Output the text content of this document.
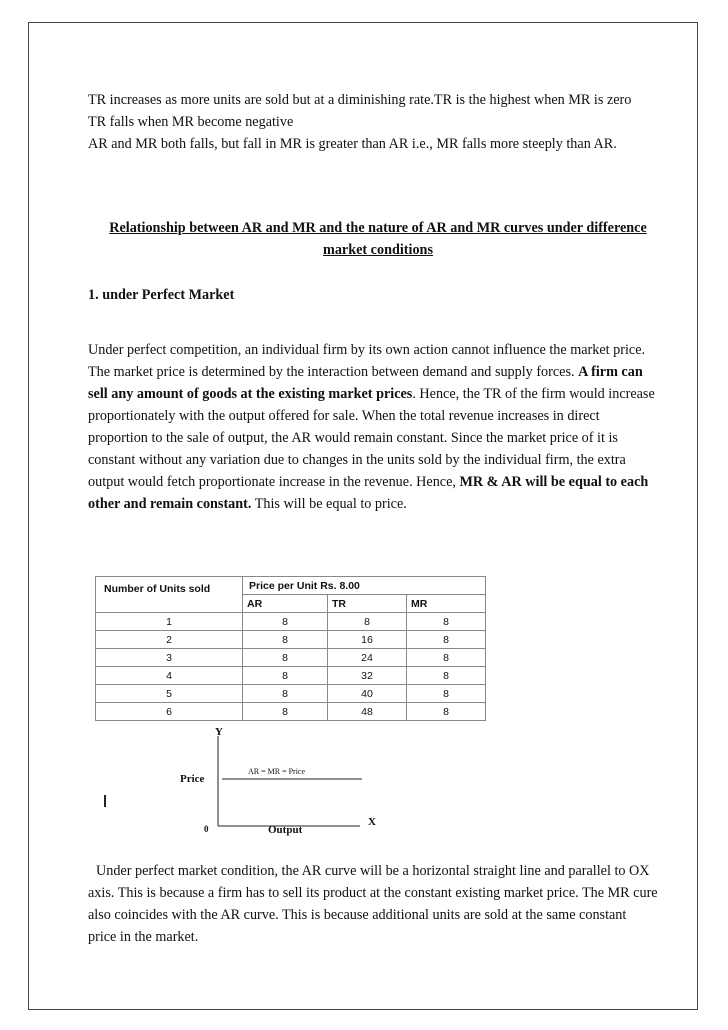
TR increases as more units are sold but at a diminishing rate.TR is the highest when MR is zero

TR falls when MR become negative

AR and MR both falls, but fall in MR is greater than AR i.e., MR falls more steeply than AR.

Relationship between AR and MR and the nature of AR and MR curves under difference market conditions
1. under Perfect Market

Under perfect competition, an individual firm by its own action cannot influence the market price. The market price is determined by the interaction between demand and supply forces. A firm can sell any amount of goods at the existing market prices. Hence, the TR of the firm would increase proportionately with the output offered for sale. When the total revenue increases in direct proportion to the sale of output, the AR would remain constant. Since the market price of it is constant without any variation due to changes in the units sold by the individual firm, the extra output would fetch proportionate increase in the revenue. Hence, MR & AR will be equal to each other and remain constant. This will be equal to price.

Number of Units sold	Price per Unit Rs. 8.00		
	AR	TR	MR
1	8	8	8
2	8	16	8
3	8	24	8
4	8	32	8
5	8	40	8
6	8	48	8
Y
X
0
Price
Output
AR = MR = Price

Under perfect market condition, the AR curve will be a horizontal straight line and parallel to OX axis. This is because a firm has to sell its product at the constant existing market price. The MR cure also coincides with the AR curve. This is because additional units are sold at the same constant price in the market.
